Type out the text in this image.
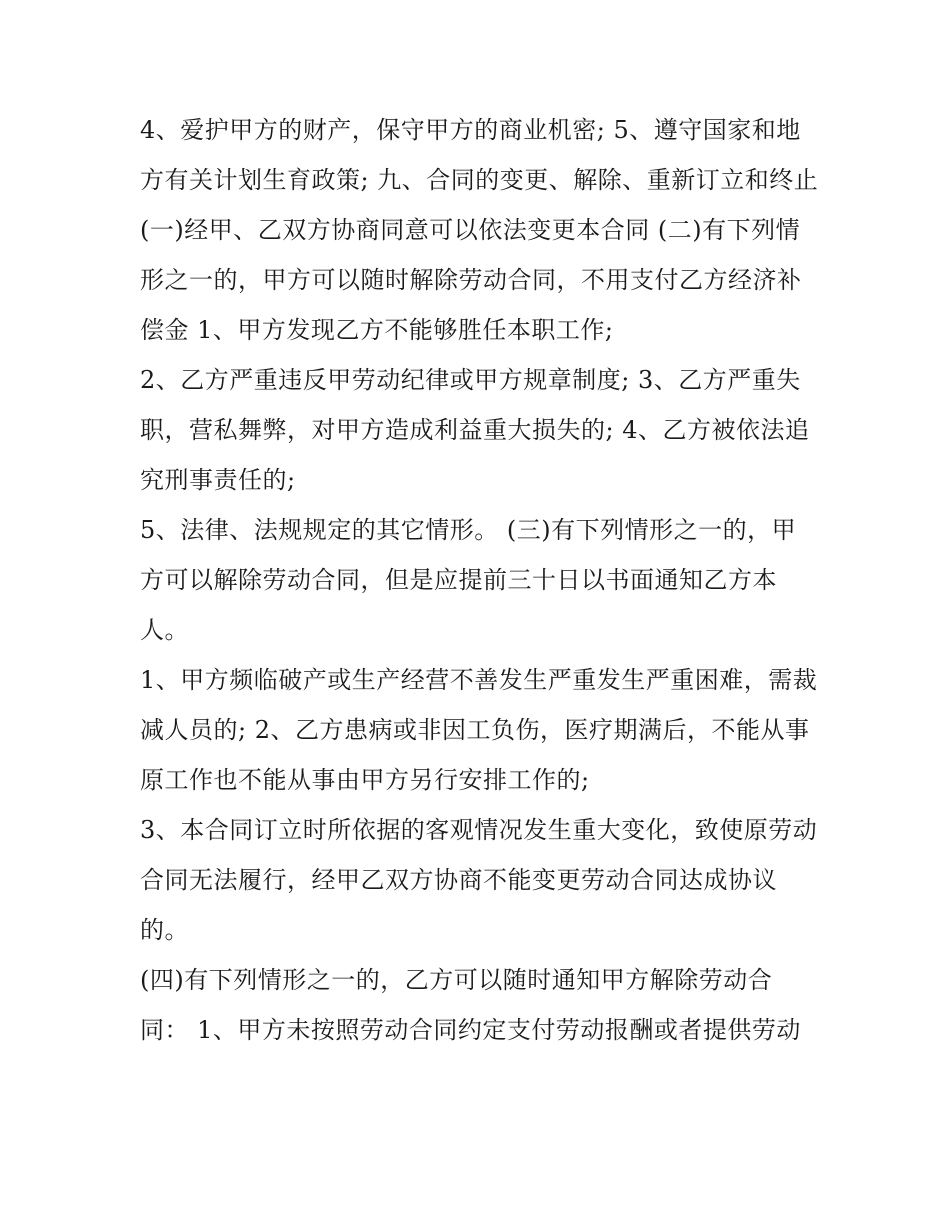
4、爱护甲方的财产，保守甲方的商业机密; 5、遵守国家和地方有关计划生育政策; 九、合同的变更、解除、重新订立和终止

(一)经甲、乙双方协商同意可以依法变更本合同 (二)有下列情形之一的，甲方可以随时解除劳动合同，不用支付乙方经济补偿金 1、甲方发现乙方不能够胜任本职工作;

2、乙方严重违反甲劳动纪律或甲方规章制度; 3、乙方严重失职，营私舞弊，对甲方造成利益重大损失的; 4、乙方被依法追究刑事责任的;

5、法律、法规规定的其它情形。 (三)有下列情形之一的，甲方可以解除劳动合同，但是应提前三十日以书面通知乙方本人。

1、甲方频临破产或生产经营不善发生严重发生严重困难，需裁减人员的; 2、乙方患病或非因工负伤，医疗期满后，不能从事原工作也不能从事由甲方另行安排工作的;

3、本合同订立时所依据的客观情况发生重大变化，致使原劳动合同无法履行，经甲乙双方协商不能变更劳动合同达成协议的。

(四)有下列情形之一的，乙方可以随时通知甲方解除劳动合同： 1、甲方未按照劳动合同约定支付劳动报酬或者提供劳动
